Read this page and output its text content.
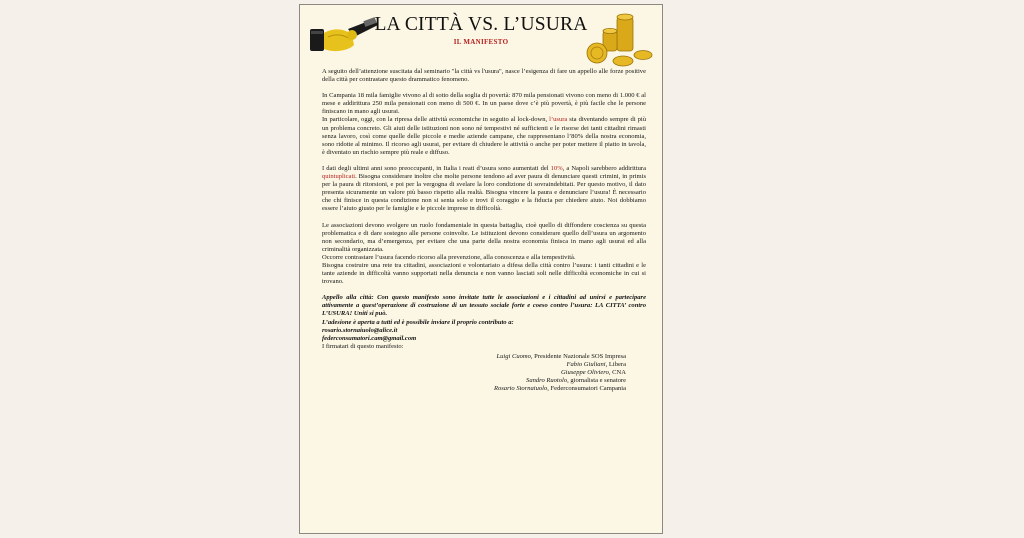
LA CITTÀ VS. L’USURA
IL MANIFESTO

A seguito dell’attenzione suscitata dal seminario "la città vs l'usura", nasce l’esigenza di fare un appello alle forze positive della città per contrastare questo drammatico fenomeno.

In Campania 18 mila famiglie vivono al di sotto della soglia di povertà: 870 mila pensionati vivono con meno di 1.000 € al mese e addirittura 250 mila pensionati con meno di 500 €. In un paese dove c’è più povertà, è più facile che le persone finiscano in mano agli usurai.

In particolare, oggi, con la ripresa delle attività economiche in seguito al lock-down, l’usura sta diventando sempre di più un problema concreto. Gli aiuti delle istituzioni non sono né tempestivi né sufficienti e le risorse dei tanti cittadini rimasti senza lavoro, così come quelle delle piccole e medie aziende campane, che rappresentano l’80% della nostra economia, sono ridotte al minimo. Il ricorso agli usurai, per evitare di chiudere le attività o anche per poter mettere il piatto in tavola, è diventato un rischio sempre più reale e diffuso.

I dati degli ultimi anni sono preoccupanti, in Italia i reati d’usura sono aumentati del 10%, a Napoli sarebbero addirittura quintuplicati. Bisogna considerare inoltre che molte persone tendono ad aver paura di denunciare questi crimini, in primis per la paura di ritorsioni, e poi per la vergogna di svelare la loro condizione di sovraindebitati. Per questo motivo, il dato presenta sicuramente un valore più basso rispetto alla realtà. Bisogna vincere la paura e denunciare l’usura! È necessario che chi finisce in questa condizione non si senta solo e trovi il coraggio e la fiducia per chiedere aiuto. Noi dobbiamo essere l’aiuto giusto per le famiglie e le piccole imprese in difficoltà.

Le associazioni devono svolgere un ruolo fondamentale in questa battaglia, cioè quello di diffondere coscienza su questa problematica e di dare sostegno alle persone coinvolte. Le istituzioni devono considerare quello dell’usura un argomento non secondario, ma d’emergenza, per evitare che una parte della nostra economia finisca in mano agli usurai ed alla criminalità organizzata.

Occorre contrastare l’usura facendo ricorso alla prevenzione, alla conoscenza e alla tempestività.

Bisogna costruire una rete tra cittadini, associazioni e volontariato a difesa della città contro l’usura: i tanti cittadini e le tante aziende in difficoltà vanno supportati nella denuncia e non vanno lasciati soli nelle difficoltà economiche in cui si trovano.

Appello alla città: Con questo manifesto sono invitate tutte le associazioni e i cittadini ad unirsi e partecipare attivamente a quest’operazione di costruzione di un tessuto sociale forte e coeso contro l’usura: LA CITTA’ contro L’USURA! Uniti si può.

L’adesione è aperta a tutti ed è possibile inviare il proprio contributo a:

rosario.stornaiuolo@alice.it

federconsumatori.cam@gmail.com

I firmatari di questo manifesto:

Luigi Cuomo, Presidente Nazionale SOS Impresa
Fabio Giuliani, Libera
Giuseppe Oliviero, CNA
Sandro Ruotolo, giornalista e senatore
Rosario Stornaiuolo, Federconsumatori Campania
